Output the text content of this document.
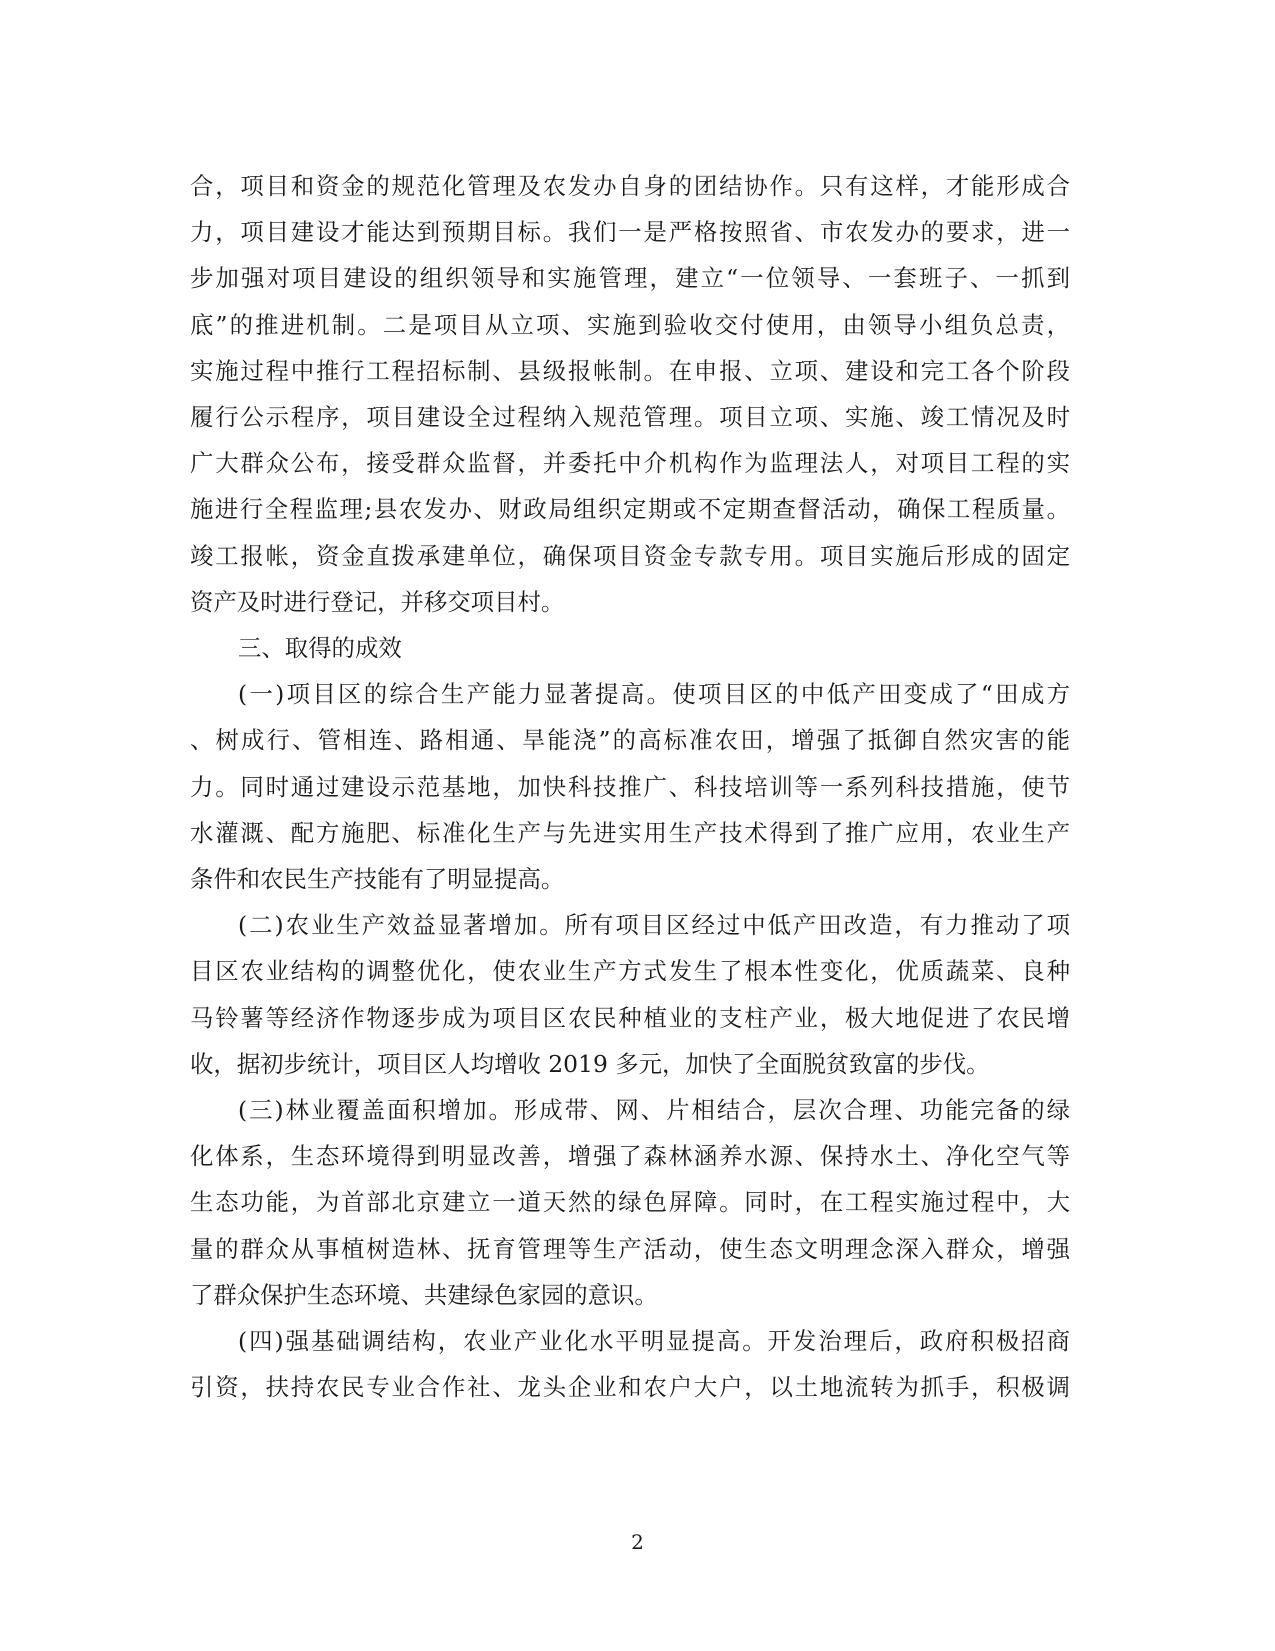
合，项目和资金的规范化管理及农发办自身的团结协作。只有这样，才能形成合
力，项目建设才能达到预期目标。我们一是严格按照省、市农发办的要求，进一
步加强对项目建设的组织领导和实施管理，建立“一位领导、一套班子、一抓到
底”的推进机制。二是项目从立项、实施到验收交付使用，由领导小组负总责，
实施过程中推行工程招标制、县级报帐制。在申报、立项、建设和完工各个阶段
履行公示程序，项目建设全过程纳入规范管理。项目立项、实施、竣工情况及时
广大群众公布，接受群众监督，并委托中介机构作为监理法人，对项目工程的实
施进行全程监理;县农发办、财政局组织定期或不定期查督活动，确保工程质量。
竣工报帐，资金直拨承建单位，确保项目资金专款专用。项目实施后形成的固定
资产及时进行登记，并移交项目村。
三、取得的成效
(一)项目区的综合生产能力显著提高。使项目区的中低产田变成了“田成方
、树成行、管相连、路相通、旱能浇”的高标准农田，增强了抵御自然灾害的能
力。同时通过建设示范基地，加快科技推广、科技培训等一系列科技措施，使节
水灌溉、配方施肥、标准化生产与先进实用生产技术得到了推广应用，农业生产
条件和农民生产技能有了明显提高。
(二)农业生产效益显著增加。所有项目区经过中低产田改造，有力推动了项
目区农业结构的调整优化，使农业生产方式发生了根本性变化，优质蔬菜、良种
马铃薯等经济作物逐步成为项目区农民种植业的支柱产业，极大地促进了农民增
收，据初步统计，项目区人均增收 2019 多元，加快了全面脱贫致富的步伐。
(三)林业覆盖面积增加。形成带、网、片相结合，层次合理、功能完备的绿
化体系，生态环境得到明显改善，增强了森林涵养水源、保持水土、净化空气等
生态功能，为首部北京建立一道天然的绿色屏障。同时，在工程实施过程中，大
量的群众从事植树造林、抚育管理等生产活动，使生态文明理念深入群众，增强
了群众保护生态环境、共建绿色家园的意识。
(四)强基础调结构，农业产业化水平明显提高。开发治理后，政府积极招商
引资，扶持农民专业合作社、龙头企业和农户大户，以土地流转为抓手，积极调
2
